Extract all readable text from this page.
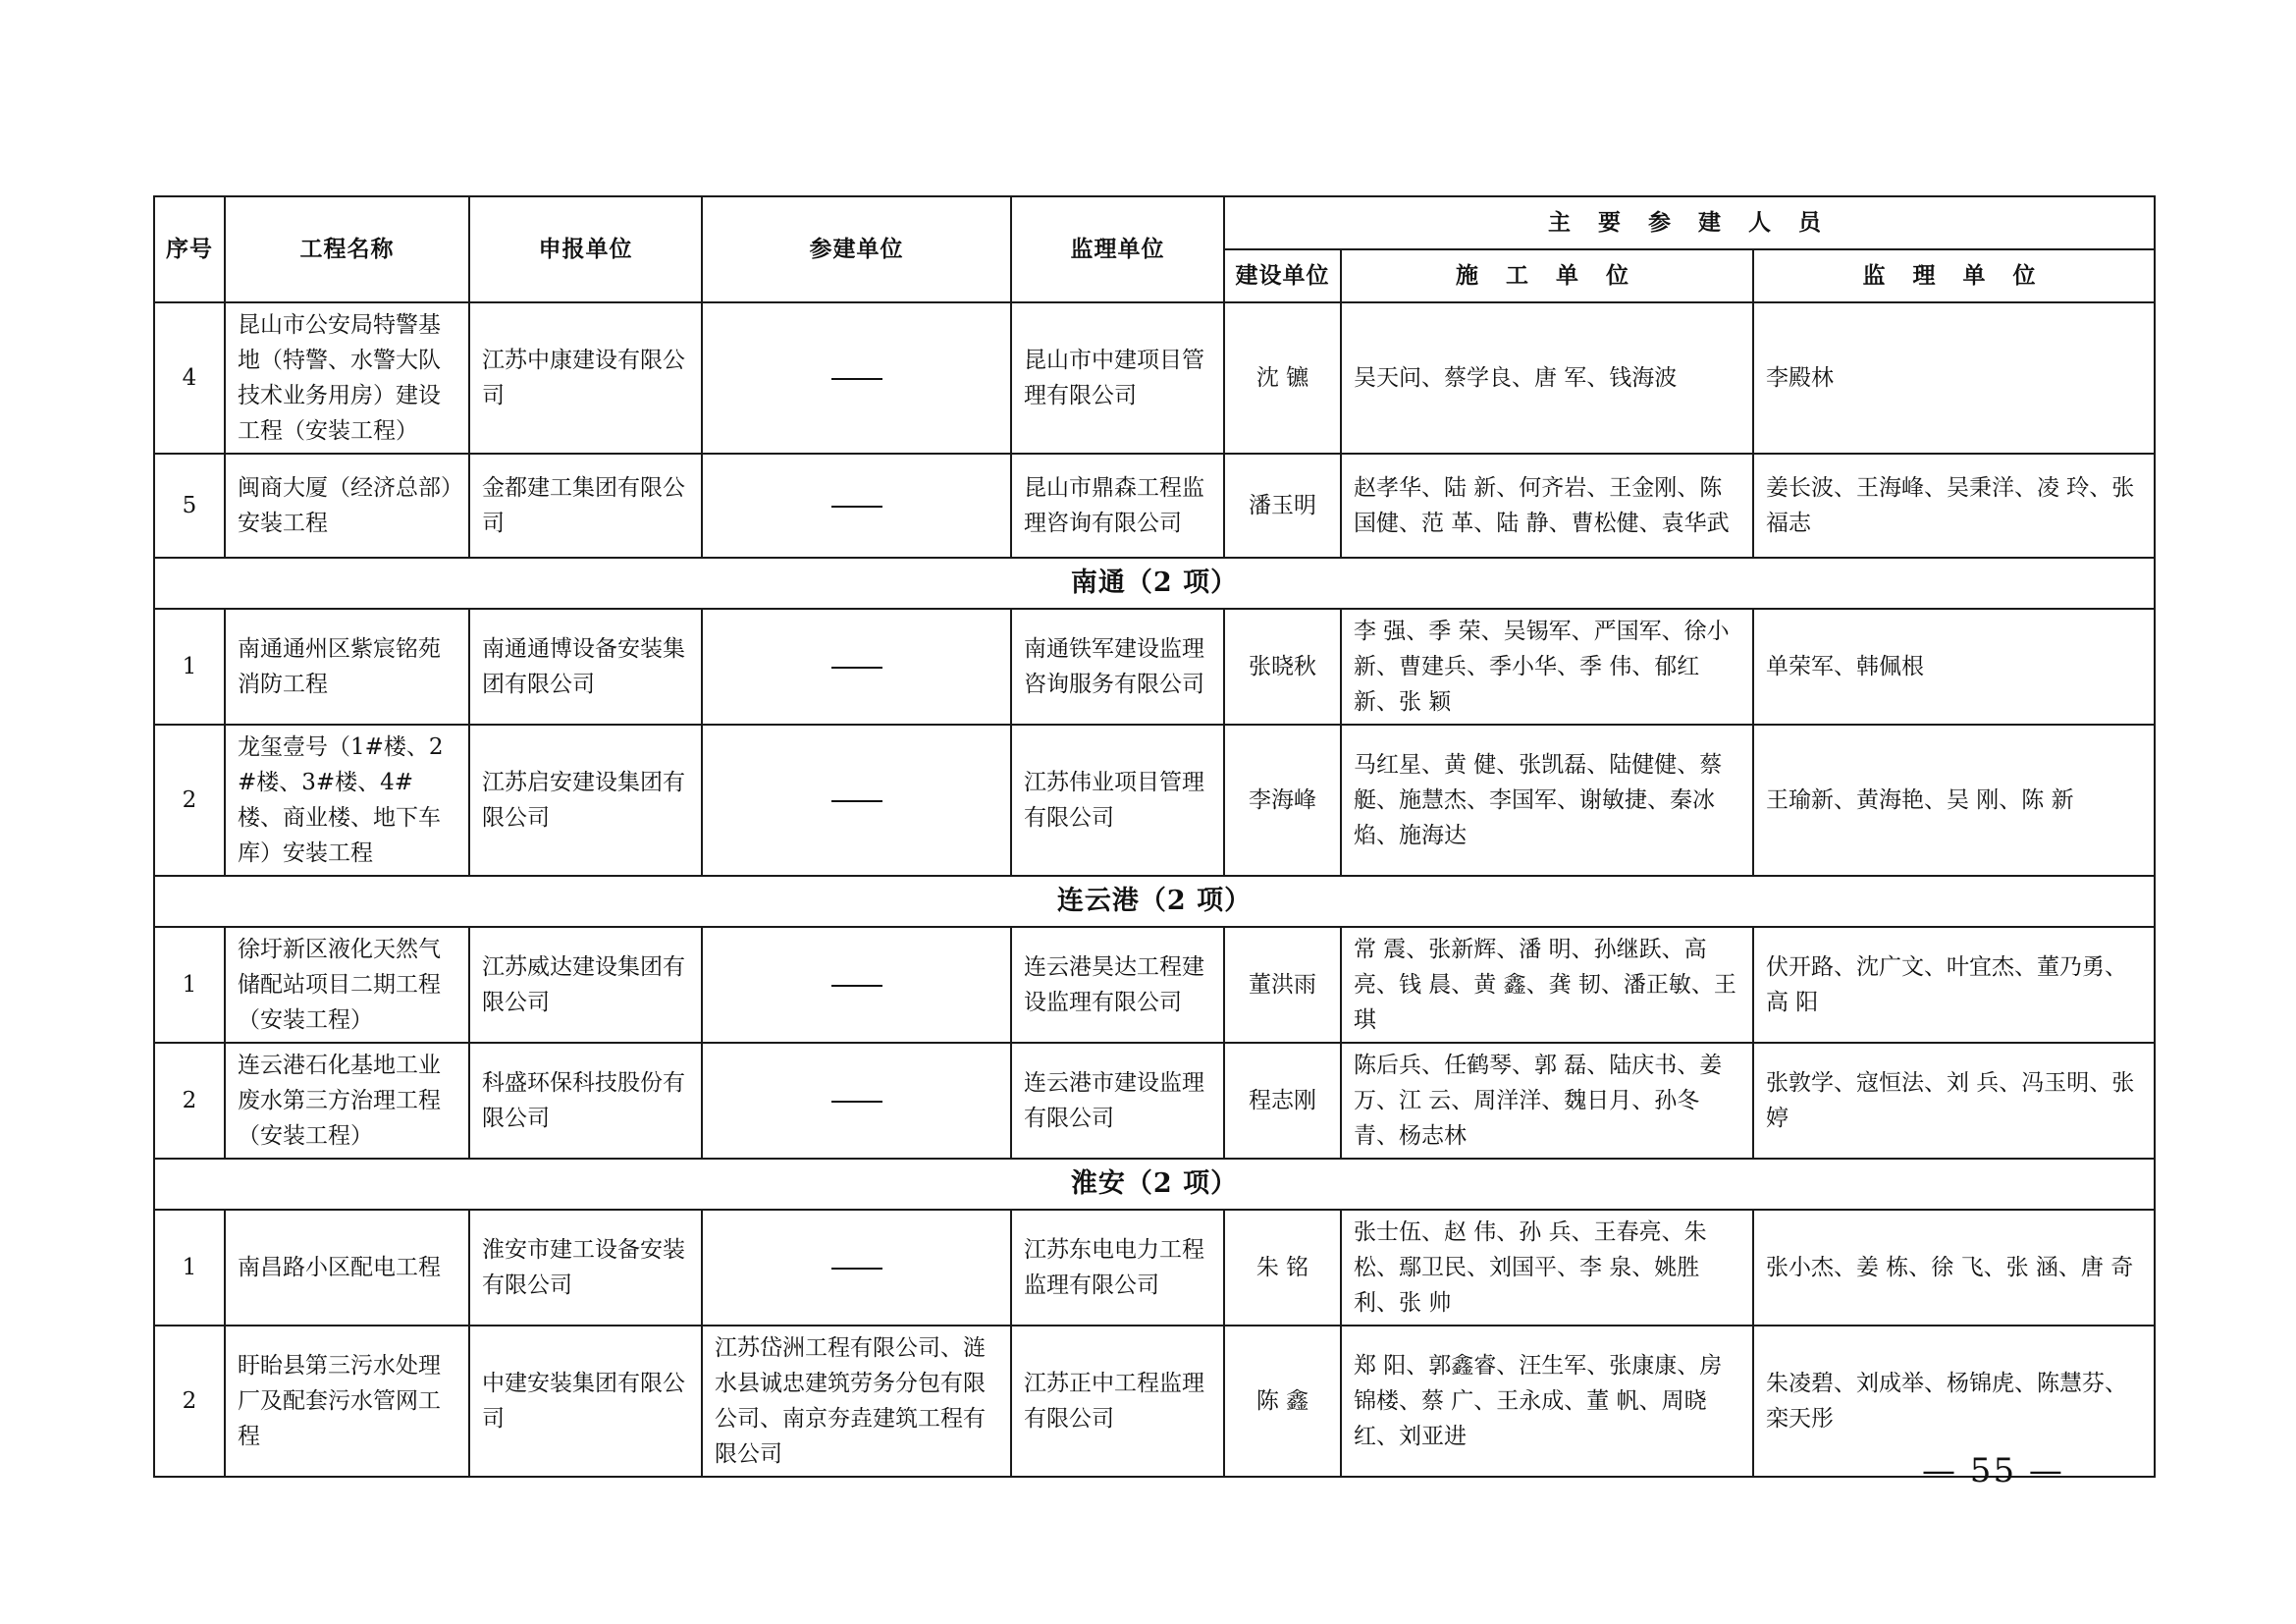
序号	工程名称	申报单位	参建单位	监理单位	主 要 参 建 人 员		
					建设单位	施 工 单 位	监 理 单 位
4	昆山市公安局特警基地（特警、水警大队技术业务用房）建设工程（安装工程）	江苏中康建设有限公司		昆山市中建项目管理有限公司	沈 镳	吴天问、蔡学良、唐 军、钱海波	李殿林
5	闽商大厦（经济总部）安装工程	金都建工集团有限公司		昆山市鼎森工程监理咨询有限公司	潘玉明	赵孝华、陆 新、何齐岩、王金刚、陈国健、范 革、陆 静、曹松健、袁华武	姜长波、王海峰、吴秉洋、凌 玲、张福志
南通（2 项）							
1	南通通州区紫宸铭苑消防工程	南通通博设备安装集团有限公司		南通铁军建设监理咨询服务有限公司	张晓秋	李 强、季 荣、吴锡军、严国军、徐小新、曹建兵、季小华、季 伟、郁红新、张 颖	单荣军、韩佩根
2	龙玺壹号（1#楼、2#楼、3#楼、4#楼、商业楼、地下车库）安装工程	江苏启安建设集团有限公司		江苏伟业项目管理有限公司	李海峰	马红星、黄 健、张凯磊、陆健健、蔡 艇、施慧杰、李国军、谢敏捷、秦冰焰、施海达	王瑜新、黄海艳、吴 刚、陈 新
连云港（2 项）							
1	徐圩新区液化天然气储配站项目二期工程（安装工程）	江苏威达建设集团有限公司		连云港昊达工程建设监理有限公司	董洪雨	常 震、张新辉、潘 明、孙继跃、高 亮、钱 晨、黄 鑫、龚 韧、潘正敏、王 琪	伏开路、沈广文、叶宜杰、董乃勇、高 阳
2	连云港石化基地工业废水第三方治理工程（安装工程）	科盛环保科技股份有限公司		连云港市建设监理有限公司	程志刚	陈后兵、任鹤琴、郭 磊、陆庆书、姜 万、江 云、周洋洋、魏日月、孙冬青、杨志林	张敦学、寇恒法、刘 兵、冯玉明、张 婷
淮安（2 项）							
1	南昌路小区配电工程	淮安市建工设备安装有限公司		江苏东电电力工程监理有限公司	朱 铭	张士伍、赵 伟、孙 兵、王春亮、朱 松、鄢卫民、刘国平、李 泉、姚胜利、张 帅	张小杰、姜 栋、徐 飞、张 涵、唐 奇
2	盱眙县第三污水处理厂及配套污水管网工程	中建安装集团有限公司	江苏岱洲工程有限公司、涟水县诚忠建筑劳务分包有限公司、南京夯垚建筑工程有限公司	江苏正中工程监理有限公司	陈 鑫	郑 阳、郭鑫睿、汪生军、张康康、房锦楼、蔡 广、王永成、董 帆、周晓红、刘亚进	朱凌碧、刘成举、杨锦虎、陈慧芬、栾天彤
— 55 —
